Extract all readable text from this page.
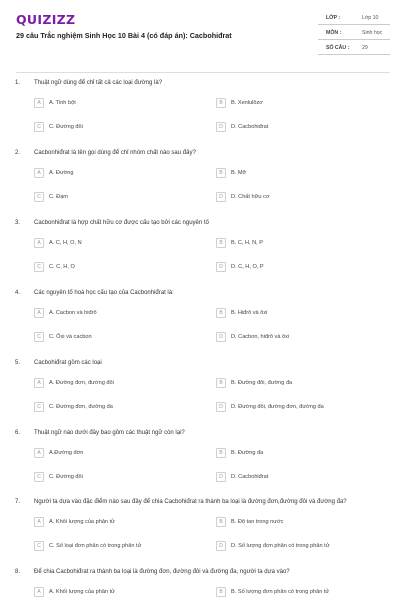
QUIZIZZ
29 câu Trắc nghiệm Sinh Học 10 Bài 4 (có đáp án): Cacbohiđrat
LỚP :	Lớp 10
MÔN :	Sinh học
SỐ CÂU : 29
1. Thuật ngữ dùng để chỉ tất cả các loại đường là?
A	A. Tinh bột	B	B. Xenlulôzơ
C	C. Đường đôi	D	D. Cacbohiđrat
2. Cacbonhiđrat là tên gọi dùng để chỉ nhóm chất nào sau đây?
A	A. Đường	B	B. Mỡ
C	C. Đạm	D	D. Chất hữu cơ
3. Cacbonhiđrat là hợp chất hữu cơ được cấu tạo bởi các nguyên tố
A	A. C, H, O, N	B	B. C, H, N, P
C	C. C, H, O	D	D. C, H, O, P
4. Các nguyên tố hoá học cấu tạo của Cacbonhiđrat là:
A	A. Cacbon và hiđrô	B	B. Hiđrô và ôxi
C	C. Ôxi và cacbon	D	D. Cacbon, hiđrô và ôxi
5. Cacbohiđrat gồm các loại
A	A. Đường đơn, đường đôi	B	B. Đường đôi, đường đa
C	C. Đường đơn, đường đa	D	D. Đường đôi, đường đơn, đường đa
6. Thuật ngữ nào dưới đây bao gồm các thuật ngữ còn lại?
A	A.Đường đơn	B	B. Đường đa
C	C. Đường đôi	D	D. Cacbohiđrat
7. Người ta dựa vào đặc điểm nào sau đây để chia Cacbohiđrat ra thành ba loại là đường đơn,đường đôi và đường đa?
A	A. Khối lượng của phân tử	B	B. Độ tan trong nước
C	C. Số loại đơn phân có trong phân tử	D	D. Số lượng đơn phân có trong phân tử
8. Để chia Cacbohiđrat ra thành ba loại là đường đơn, đường đôi và đường đa, người ta dựa vào?
A	A. Khối lượng của phân tử	B	B. Số lượng đơn phân có trong phân tử
